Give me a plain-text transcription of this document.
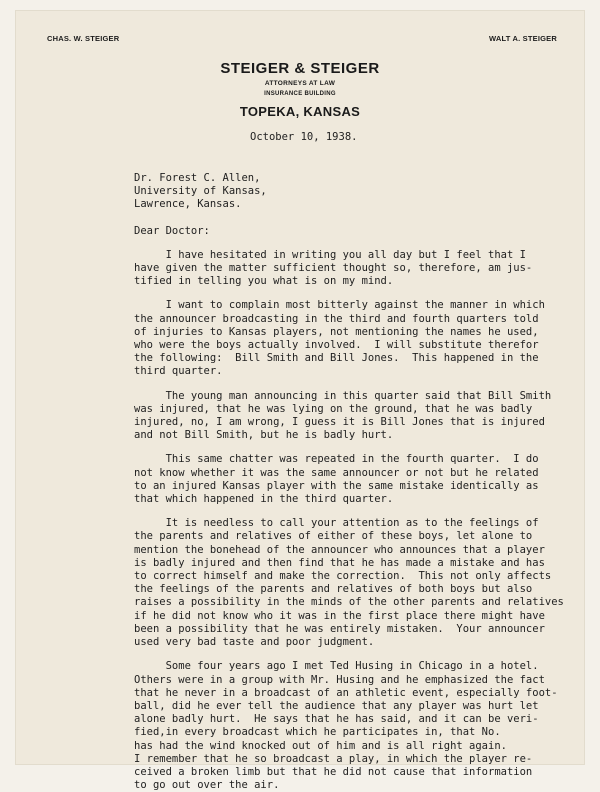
CHAS. W. STEIGER	WALT A. STEIGER
STEIGER & STEIGER
ATTORNEYS AT LAW
INSURANCE BUILDING
TOPEKA, KANSAS
October 10, 1938.
Dr. Forest C. Allen,
University of Kansas,
Lawrence, Kansas.
Dear Doctor:
I have hesitated in writing you all day but I feel that I
have given the matter sufficient thought so, therefore, am jus-
tified in telling you what is on my mind.
I want to complain most bitterly against the manner in which
the announcer broadcasting in the third and fourth quarters told
of injuries to Kansas players, not mentioning the names he used,
who were the boys actually involved.  I will substitute therefor
the following:  Bill Smith and Bill Jones.  This happened in the
third quarter.
The young man announcing in this quarter said that Bill Smith
was injured, that he was lying on the ground, that he was badly
injured, no, I am wrong, I guess it is Bill Jones that is injured
and not Bill Smith, but he is badly hurt.
This same chatter was repeated in the fourth quarter.  I do
not know whether it was the same announcer or not but he related
to an injured Kansas player with the same mistake identically as
that which happened in the third quarter.
It is needless to call your attention as to the feelings of
the parents and relatives of either of these boys, let alone to
mention the bonehead of the announcer who announces that a player
is badly injured and then find that he has made a mistake and has
to correct himself and make the correction.  This not only affects
the feelings of the parents and relatives of both boys but also
raises a possibility in the minds of the other parents and relatives
if he did not know who it was in the first place there might have
been a possibility that he was entirely mistaken.  Your announcer
used very bad taste and poor judgment.
Some four years ago I met Ted Husing in Chicago in a hotel.
Others were in a group with Mr. Husing and he emphasized the fact
that he never in a broadcast of an athletic event, especially foot-
ball, did he ever tell the audience that any player was hurt let
alone badly hurt.  He says that he has said, and it can be veri-
fied,in every broadcast which he participates in, that No.
has had the wind knocked out of him and is all right again.
I remember that he so broadcast a play, in which the player re-
ceived a broken limb but that he did not cause that information
to go out over the air.
